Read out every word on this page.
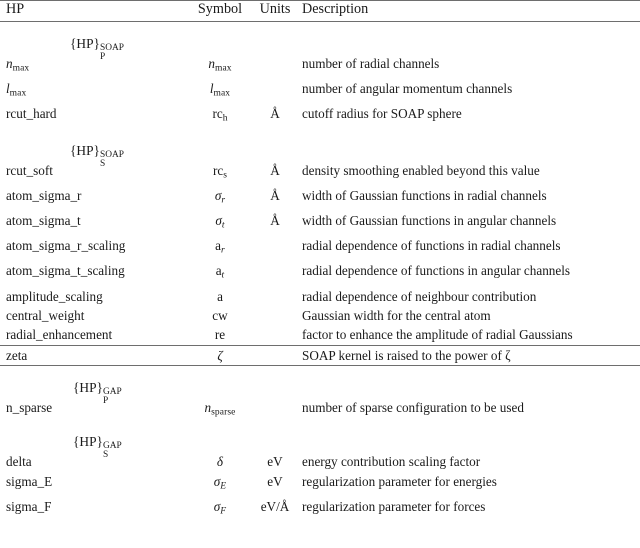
HP	Symbol	Units	Description
{HP} SOAP
P			

$n_{max}$	$n_{max}$		number of radial channels
$l_{max}$	$l_{max}$		number of angular momentum channels
rcut_hard	$rc_h$	Å	cutoff radius for SOAP sphere

{HP} SOAP
S			

rcut_soft	$rc_s$	Å	density smoothing enabled beyond this value
atom_sigma_r	$\sigma_r$	Å	width of Gaussian functions in radial channels
atom_sigma_t	$\sigma_t$	Å	width of Gaussian functions in angular channels
atom_sigma_r_scaling	$a_r$		radial dependence of functions in radial channels
atom_sigma_t_scaling	$a_t$		radial dependence of functions in angular channels
amplitude_scaling	a		radial dependence of neighbour contribution
central_weight	cw		Gaussian width for the central atom
radial_enhancement	re		factor to enhance the amplitude of radial Gaussians

zeta	ζ		SOAP kernel is raised to the power of ζ

{HP} GAP
P			

n_sparse	$n_{sparse}$		number of sparse configuration to be used
{HP} GAP
S			

delta	δ	eV	energy contribution scaling factor
sigma_E	$\sigma_E$	eV	regularization parameter for energies
sigma_F	$\sigma_F$	eV/Å	regularization parameter for forces
